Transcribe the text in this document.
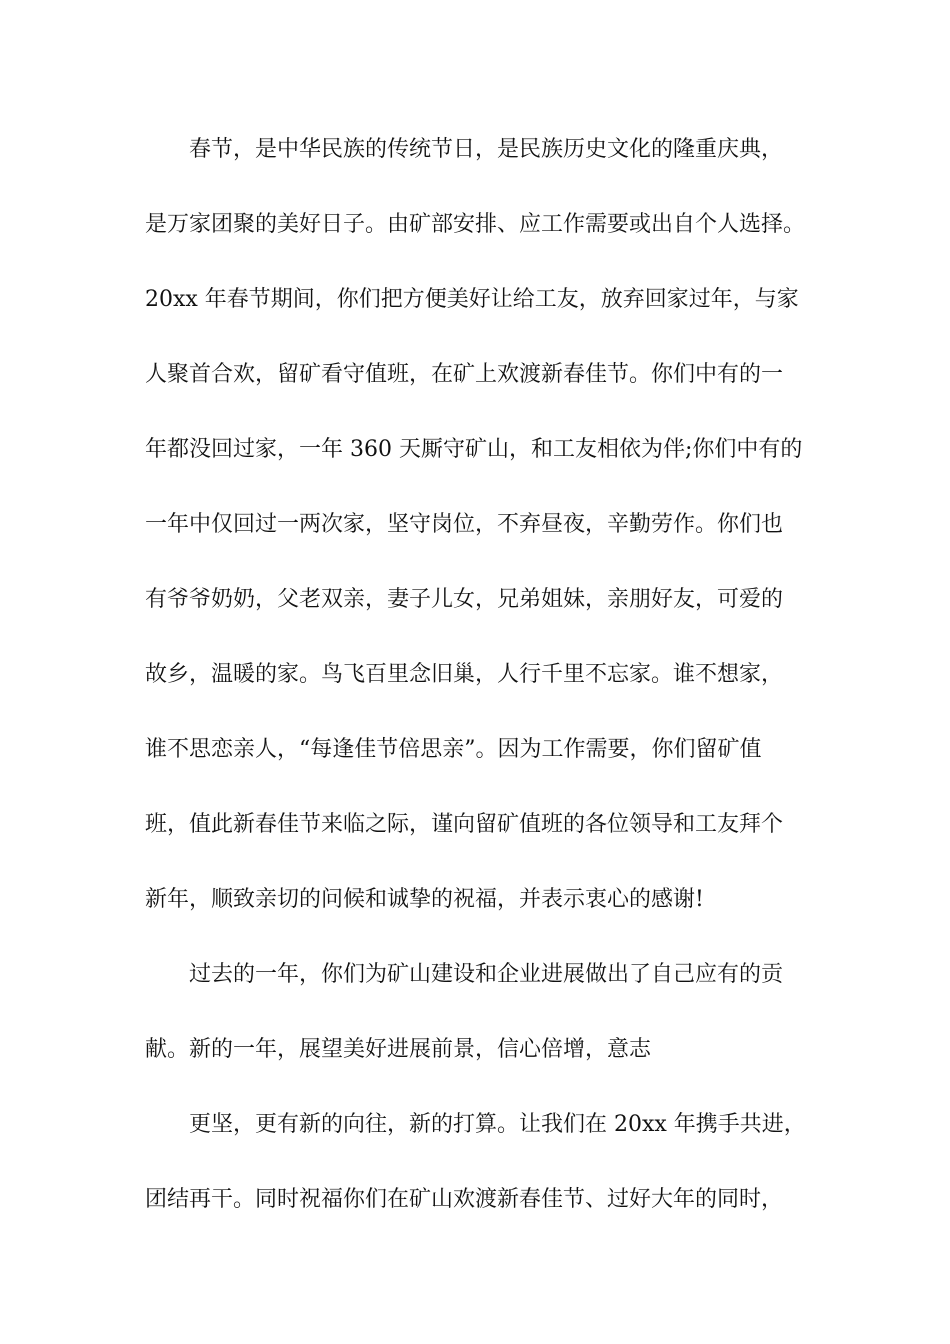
春节，是中华民族的传统节日，是民族历史文化的隆重庆典，
是万家团聚的美好日子。由矿部安排、应工作需要或出自个人选择。
20xx 年春节期间，你们把方便美好让给工友，放弃回家过年，与家
人聚首合欢，留矿看守值班，在矿上欢渡新春佳节。你们中有的一
年都没回过家，一年 360 天厮守矿山，和工友相依为伴;你们中有的
一年中仅回过一两次家，坚守岗位，不弃昼夜，辛勤劳作。你们也
有爷爷奶奶，父老双亲，妻子儿女，兄弟姐妹，亲朋好友，可爱的
故乡，温暖的家。鸟飞百里念旧巢，人行千里不忘家。谁不想家，
谁不思恋亲人，“每逢佳节倍思亲”。因为工作需要，你们留矿值
班，值此新春佳节来临之际，谨向留矿值班的各位领导和工友拜个
新年，顺致亲切的问候和诚挚的祝福，并表示衷心的感谢!
过去的一年，你们为矿山建设和企业进展做出了自己应有的贡
献。新的一年，展望美好进展前景，信心倍增，意志
更坚，更有新的向往，新的打算。让我们在 20xx 年携手共进，
团结再干。同时祝福你们在矿山欢渡新春佳节、过好大年的同时，
